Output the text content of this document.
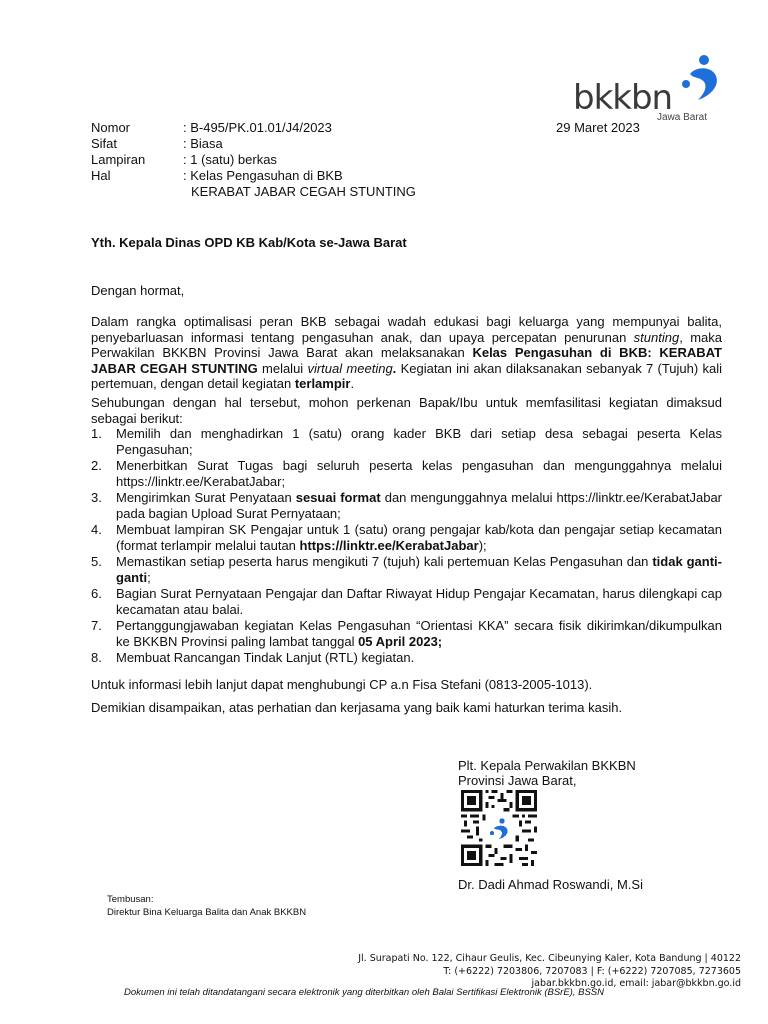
bkkbn
Jawa Barat
29 Maret 2023
Nomor	: B-495/PK.01.01/J4/2023
Sifat	: Biasa
Lampiran	: 1 (satu) berkas
Hal	: Kelas Pengasuhan di BKB
KERABAT JABAR CEGAH STUNTING
Yth. Kepala Dinas OPD KB Kab/Kota se-Jawa Barat
Dengan hormat,
Dalam rangka optimalisasi peran BKB sebagai wadah edukasi bagi keluarga yang mempunyai balita, penyebarluasan informasi tentang pengasuhan anak, dan upaya percepatan penurunan stunting, maka Perwakilan BKKBN Provinsi Jawa Barat akan melaksanakan Kelas Pengasuhan di BKB: KERABAT JABAR CEGAH STUNTING melalui virtual meeting. Kegiatan ini akan dilaksanakan sebanyak 7 (Tujuh) kali pertemuan, dengan detail kegiatan terlampir.
Sehubungan dengan hal tersebut, mohon perkenan Bapak/Ibu untuk memfasilitasi kegiatan dimaksud sebagai berikut:
1. Memilih dan menghadirkan 1 (satu) orang kader BKB dari setiap desa sebagai peserta Kelas Pengasuhan;
2. Menerbitkan Surat Tugas bagi seluruh peserta kelas pengasuhan dan mengunggahnya melalui https://linktr.ee/KerabatJabar;
3. Mengirimkan Surat Penyataan sesuai format dan mengunggahnya melalui https://linktr.ee/KerabatJabar pada bagian Upload Surat Pernyataan;
4. Membuat lampiran SK Pengajar untuk 1 (satu) orang pengajar kab/kota dan pengajar setiap kecamatan (format terlampir melalui tautan https://linktr.ee/KerabatJabar);
5. Memastikan setiap peserta harus mengikuti 7 (tujuh) kali pertemuan Kelas Pengasuhan dan tidak ganti-ganti;
6. Bagian Surat Pernyataan Pengajar dan Daftar Riwayat Hidup Pengajar Kecamatan, harus dilengkapi cap kecamatan atau balai.
7. Pertanggungjawaban kegiatan Kelas Pengasuhan “Orientasi KKA” secara fisik dikirimkan/dikumpulkan ke BKKBN Provinsi paling lambat tanggal 05 April 2023;
8. Membuat Rancangan Tindak Lanjut (RTL) kegiatan.
Untuk informasi lebih lanjut dapat menghubungi CP a.n Fisa Stefani (0813-2005-1013).
Demikian disampaikan, atas perhatian dan kerjasama yang baik kami haturkan terima kasih.
Plt. Kepala Perwakilan BKKBN
Provinsi Jawa Barat,
Dr. Dadi Ahmad Roswandi, M.Si
Tembusan:
Direktur Bina Keluarga Balita dan Anak BKKBN
Jl. Surapati No. 122, Cihaur Geulis, Kec. Cibeunying Kaler, Kota Bandung | 40122
T: (+6222) 7203806, 7207083 | F: (+6222) 7207085, 7273605
jabar.bkkbn.go.id, email: jabar@bkkbn.go.id
Dokumen ini telah ditandatangani secara elektronik yang diterbitkan oleh Balai Sertifikasi Elektronik (BSrE), BSSN
